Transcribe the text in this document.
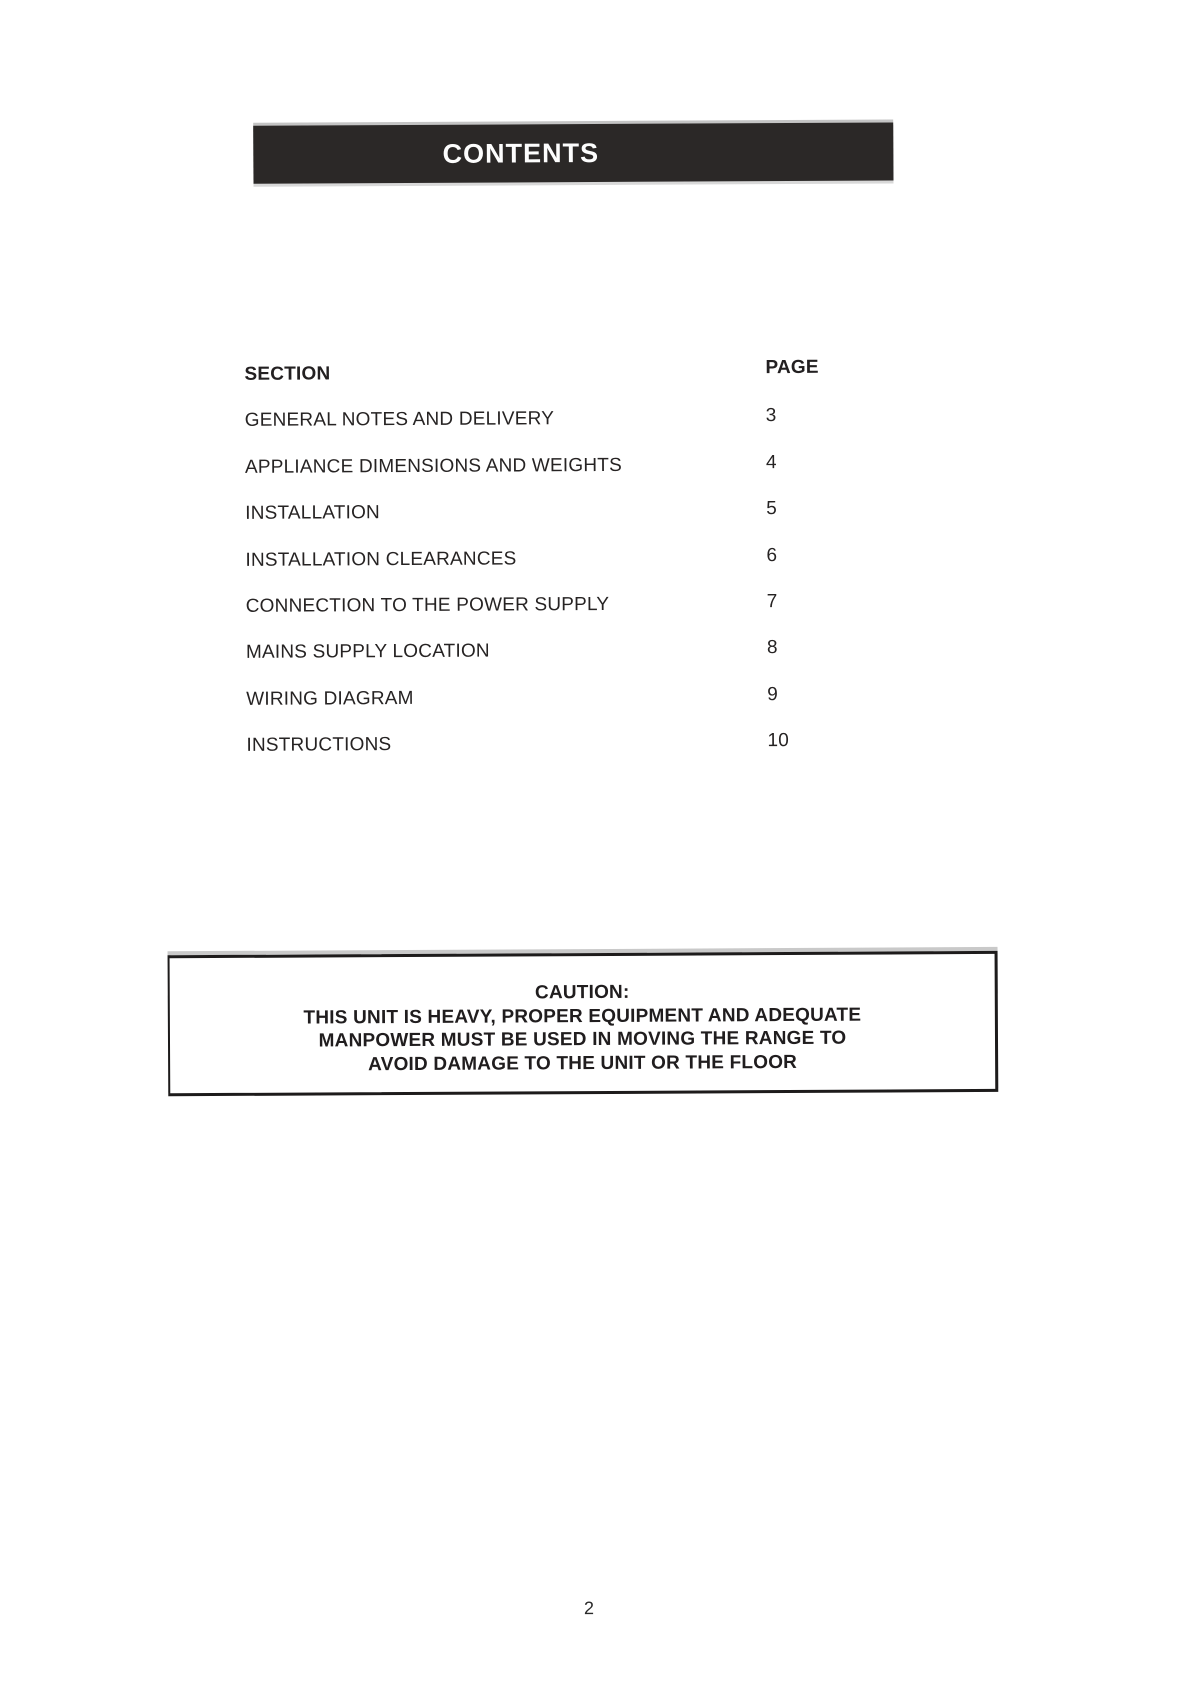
CONTENTS
SECTION	PAGE
GENERAL NOTES AND DELIVERY	3
APPLIANCE DIMENSIONS AND WEIGHTS	4
INSTALLATION	5
INSTALLATION CLEARANCES	6
CONNECTION TO THE POWER SUPPLY	7
MAINS SUPPLY LOCATION	8
WIRING DIAGRAM	9
INSTRUCTIONS	10
CAUTION:
THIS UNIT IS HEAVY, PROPER EQUIPMENT AND ADEQUATE
MANPOWER MUST BE USED IN MOVING THE RANGE TO
AVOID DAMAGE TO THE UNIT OR THE FLOOR
2
